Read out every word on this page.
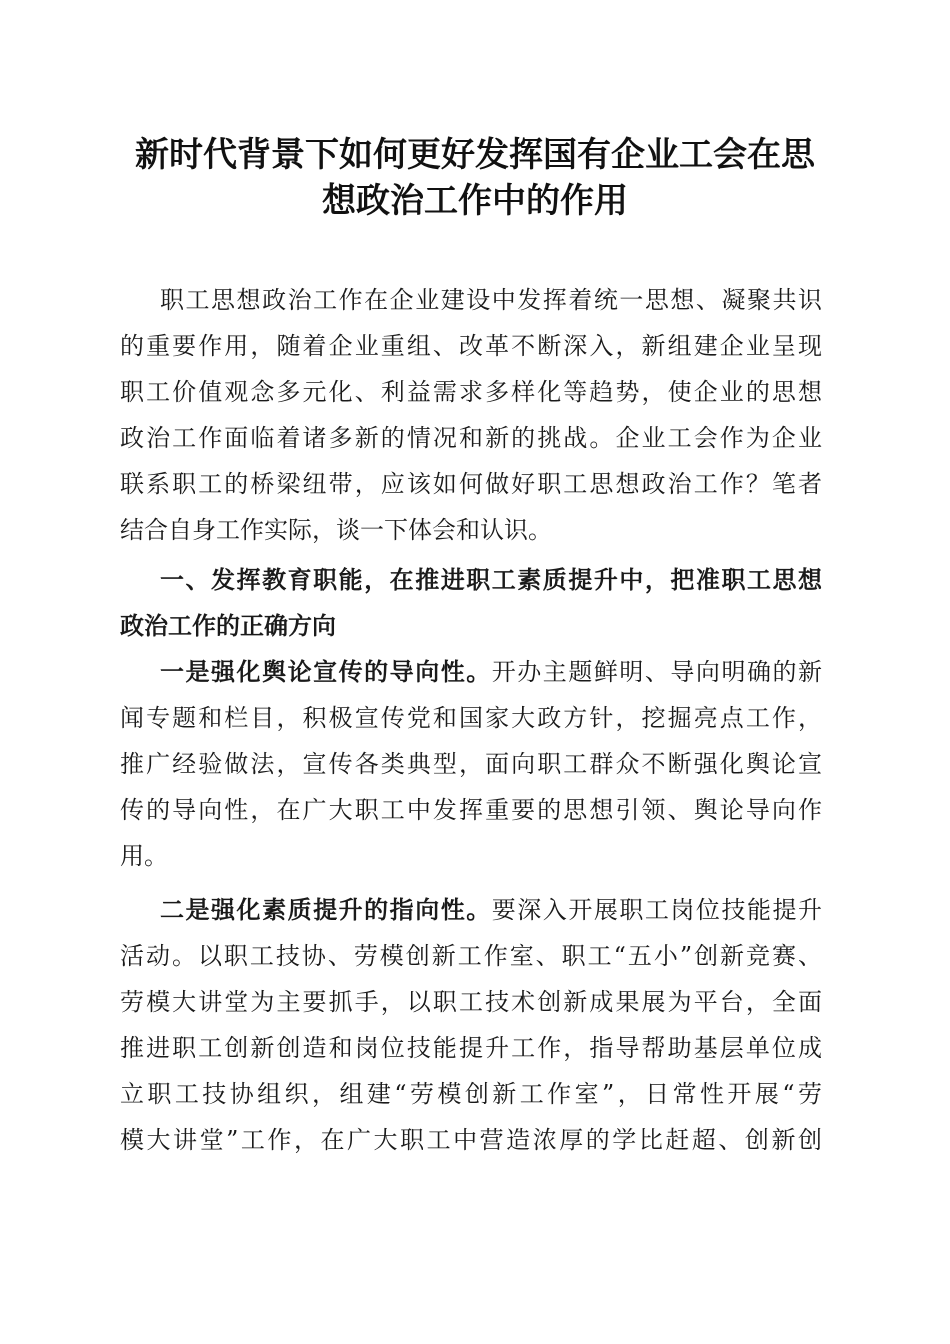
新时代背景下如何更好发挥国有企业工会在思
想政治工作中的作用
职工思想政治工作在企业建设中发挥着统一思想、凝聚共识
的重要作用，随着企业重组、改革不断深入，新组建企业呈现
职工价值观念多元化、利益需求多样化等趋势，使企业的思想
政治工作面临着诸多新的情况和新的挑战。企业工会作为企业
联系职工的桥梁纽带，应该如何做好职工思想政治工作？笔者
结合自身工作实际，谈一下体会和认识。
一、发挥教育职能，在推进职工素质提升中，把准职工思想
政治工作的正确方向
一是强化舆论宣传的导向性。开办主题鲜明、导向明确的新
闻专题和栏目，积极宣传党和国家大政方针，挖掘亮点工作，
推广经验做法，宣传各类典型，面向职工群众不断强化舆论宣
传的导向性，在广大职工中发挥重要的思想引领、舆论导向作
用。
二是强化素质提升的指向性。要深入开展职工岗位技能提升
活动。以职工技协、劳模创新工作室、职工“五小”创新竞赛、
劳模大讲堂为主要抓手，以职工技术创新成果展为平台，全面
推进职工创新创造和岗位技能提升工作，指导帮助基层单位成
立职工技协组织，组建“劳模创新工作室”，日常性开展“劳
模大讲堂”工作，在广大职工中营造浓厚的学比赶超、创新创
